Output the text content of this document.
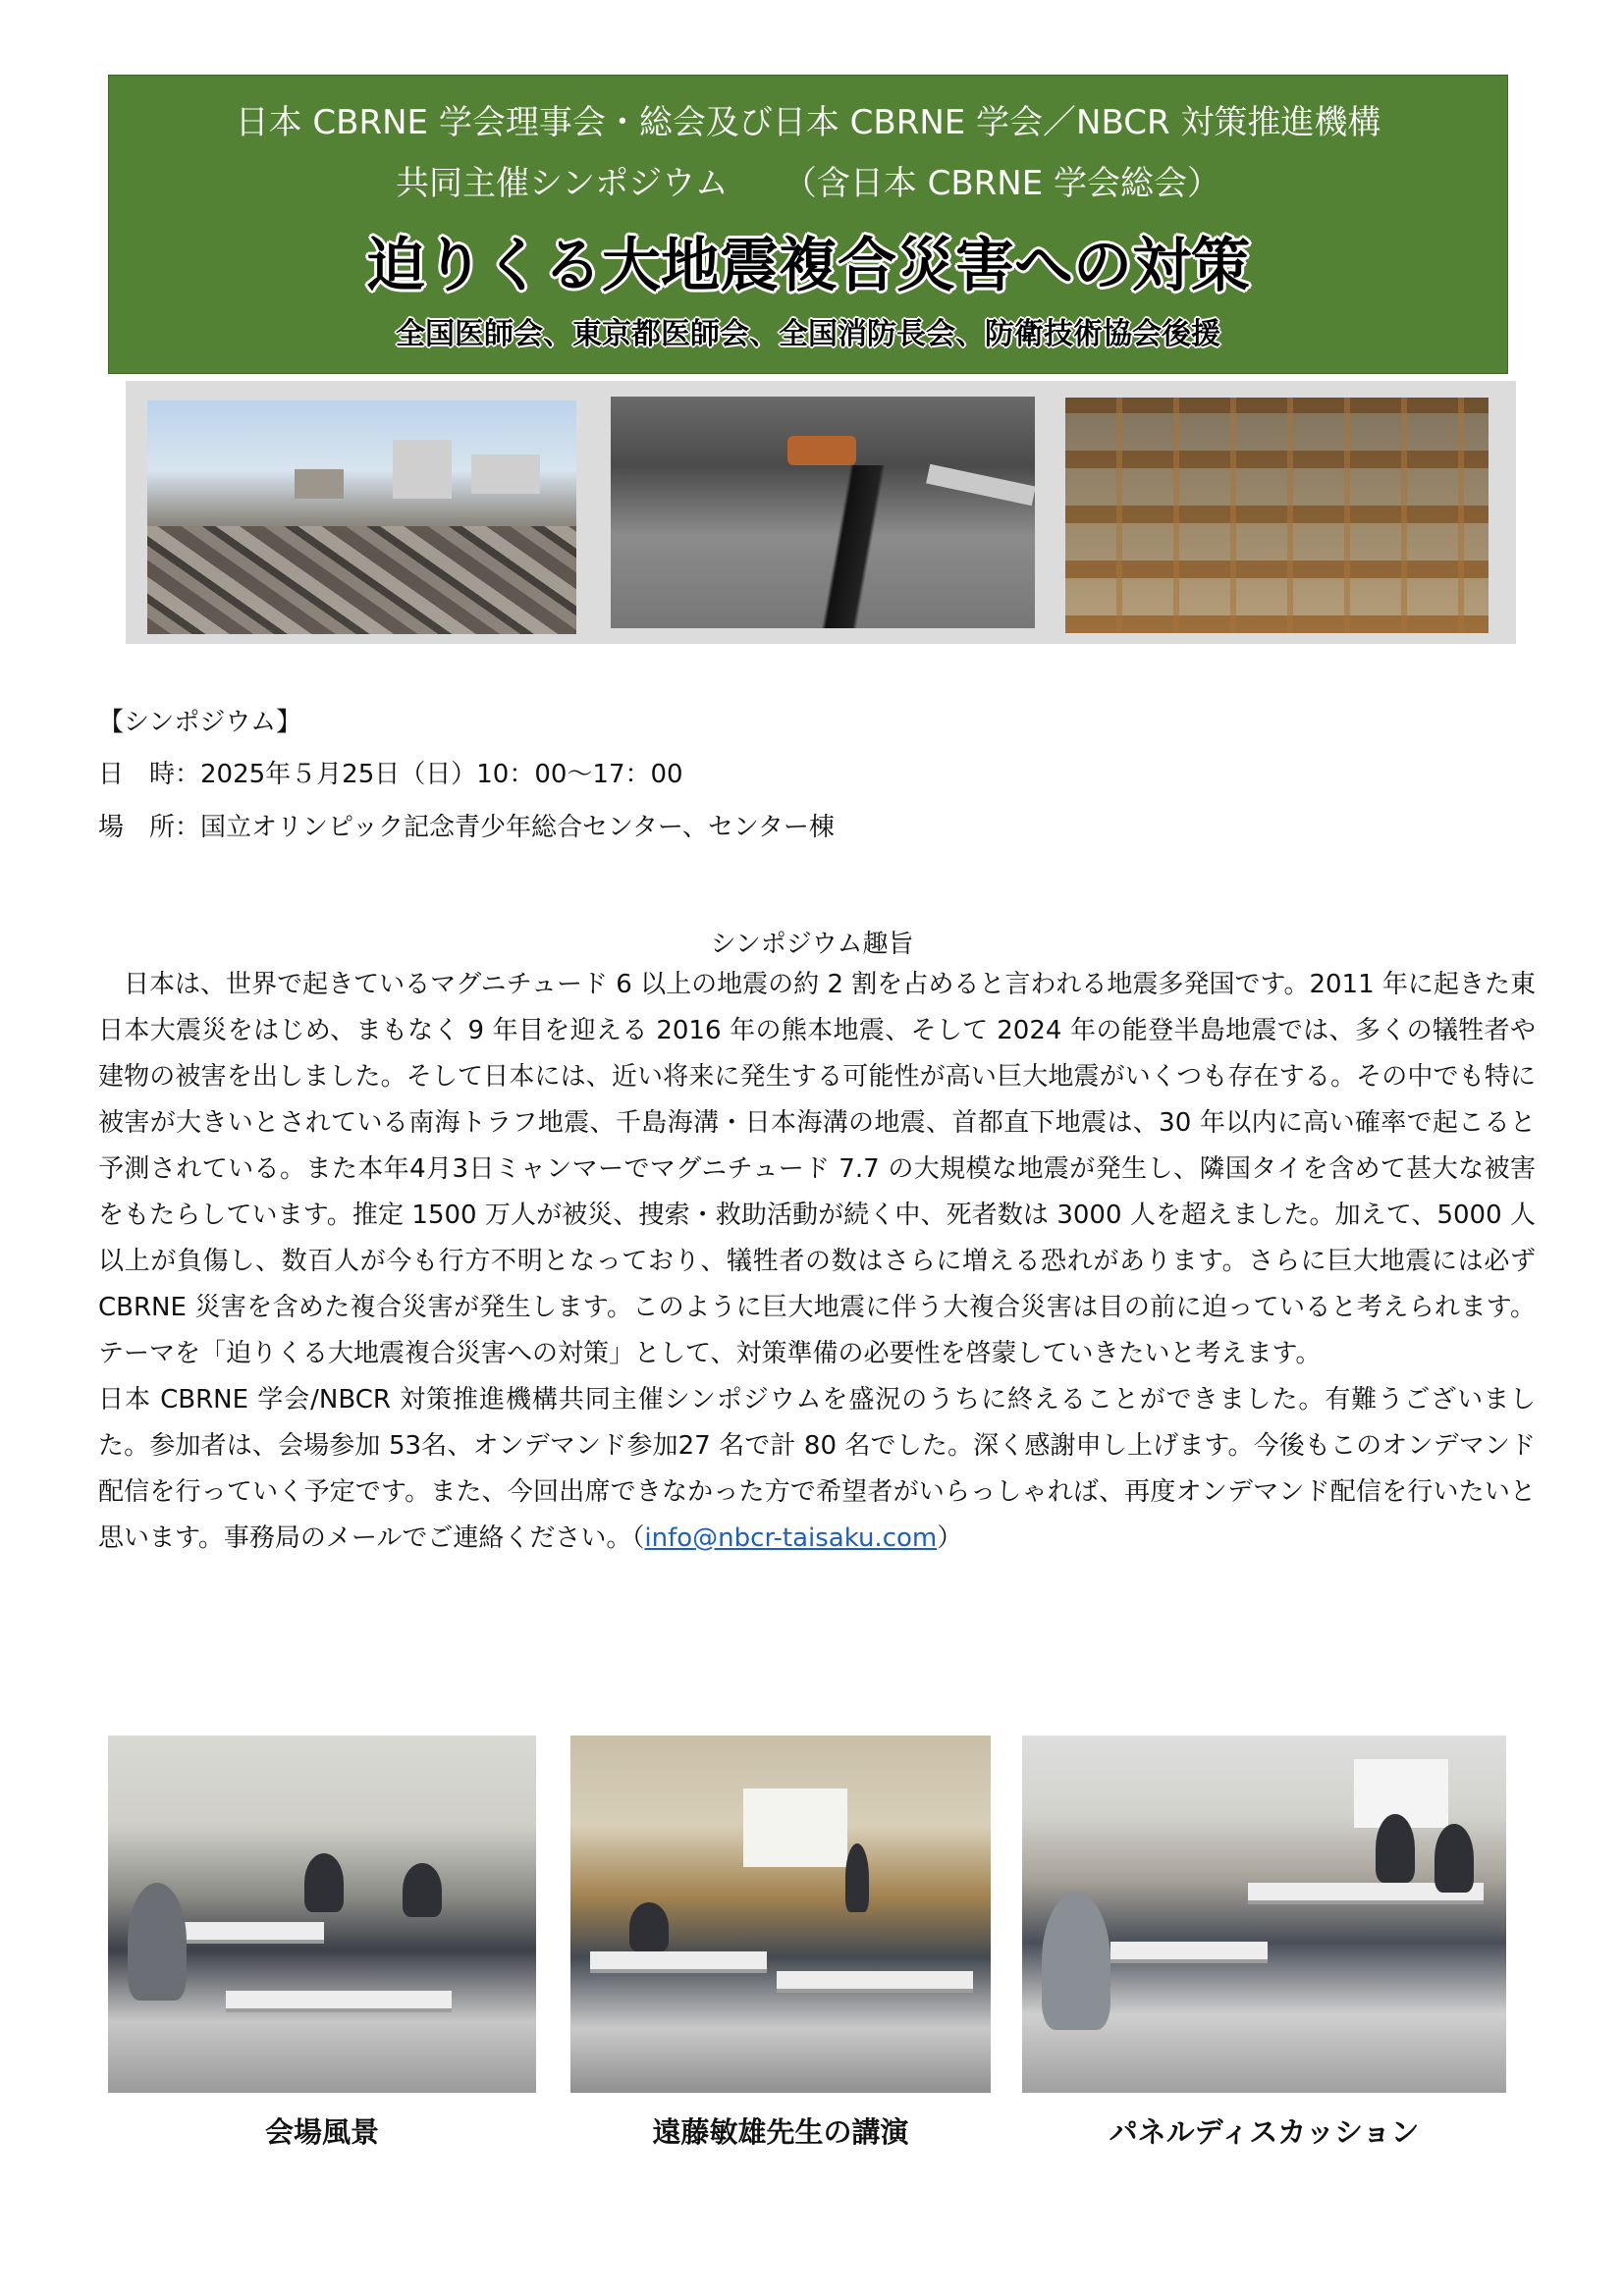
日本 CBRNE 学会理事会・総会及び日本 CBRNE 学会／NBCR 対策推進機構
共同主催シンポジウム （含日本 CBRNE 学会総会）
迫りくる大地震複合災害への対策
全国医師会、東京都医師会、全国消防長会、防衛技術協会後援
【シンポジウム】
日　時：2025年５月25日（日）10：00～17：00
場　所：国立オリンピック記念青少年総合センター、センター棟
シンポジウム趣旨

日本は、世界で起きているマグニチュード 6 以上の地震の約 2 割を占めると言われる地震多発国です。2011 年に起きた東日本大震災をはじめ、まもなく 9 年目を迎える 2016 年の熊本地震、そして 2024 年の能登半島地震では、多くの犠牲者や建物の被害を出しました。そして日本には、近い将来に発生する可能性が高い巨大地震がいくつも存在する。その中でも特に被害が大きいとされている南海トラフ地震、千島海溝・日本海溝の地震、首都直下地震は、30 年以内に高い確率で起こると予測されている。また本年4月3日ミャンマーでマグニチュード 7.7 の大規模な地震が発生し、隣国タイを含めて甚大な被害をもたらしています。推定 1500 万人が被災、捜索・救助活動が続く中、死者数は 3000 人を超えました。加えて、5000 人以上が負傷し、数百人が今も行方不明となっており、犠牲者の数はさらに増える恐れがあります。さらに巨大地震には必ず CBRNE 災害を含めた複合災害が発生します。このように巨大地震に伴う大複合災害は目の前に迫っていると考えられます。テーマを「迫りくる大地震複合災害への対策」として、対策準備の必要性を啓蒙していきたいと考えます。

日本 CBRNE 学会/NBCR 対策推進機構共同主催シンポジウムを盛況のうちに終えることができました。有難うございました。参加者は、会場参加 53名、オンデマンド参加27 名で計 80 名でした。深く感謝申し上げます。今後もこのオンデマンド配信を行っていく予定です。また、今回出席できなかった方で希望者がいらっしゃれば、再度オンデマンド配信を行いたいと思います。事務局のメールでご連絡ください。（info@nbcr-taisaku.com）

会場風景	遠藤敏雄先生の講演	パネルディスカッション
